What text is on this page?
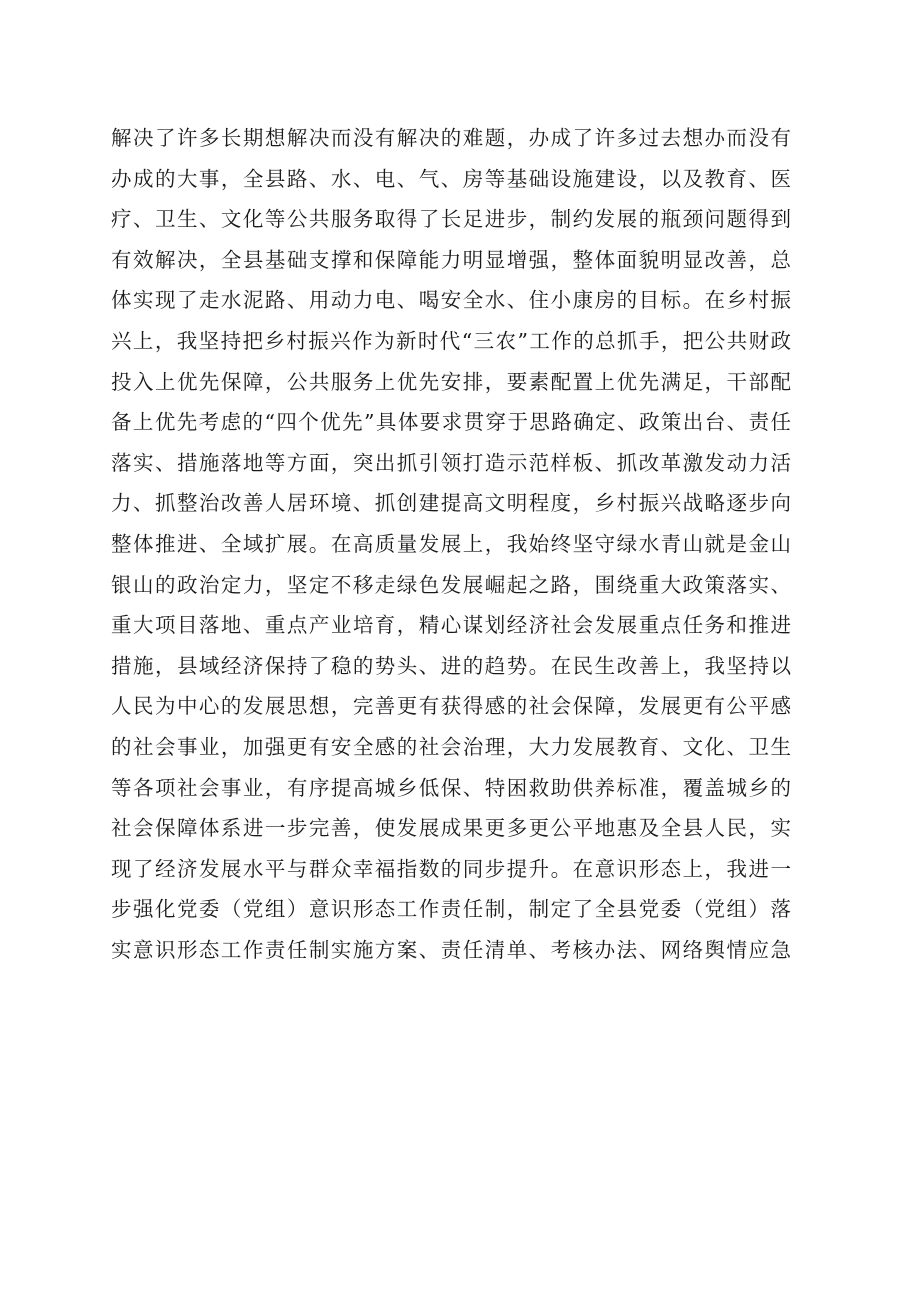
解决了许多长期想解决而没有解决的难题，办成了许多过去想办而没有
办成的大事，全县路、水、电、气、房等基础设施建设，以及教育、医
疗、卫生、文化等公共服务取得了长足进步，制约发展的瓶颈问题得到
有效解决，全县基础支撑和保障能力明显增强，整体面貌明显改善，总
体实现了走水泥路、用动力电、喝安全水、住小康房的目标。在乡村振
兴上，我坚持把乡村振兴作为新时代“三农”工作的总抓手，把公共财政
投入上优先保障，公共服务上优先安排，要素配置上优先满足，干部配
备上优先考虑的“四个优先”具体要求贯穿于思路确定、政策出台、责任
落实、措施落地等方面，突出抓引领打造示范样板、抓改革激发动力活
力、抓整治改善人居环境、抓创建提高文明程度，乡村振兴战略逐步向
整体推进、全域扩展。在高质量发展上，我始终坚守绿水青山就是金山
银山的政治定力，坚定不移走绿色发展崛起之路，围绕重大政策落实、
重大项目落地、重点产业培育，精心谋划经济社会发展重点任务和推进
措施，县域经济保持了稳的势头、进的趋势。在民生改善上，我坚持以
人民为中心的发展思想，完善更有获得感的社会保障，发展更有公平感
的社会事业，加强更有安全感的社会治理，大力发展教育、文化、卫生
等各项社会事业，有序提高城乡低保、特困救助供养标准，覆盖城乡的
社会保障体系进一步完善，使发展成果更多更公平地惠及全县人民，实
现了经济发展水平与群众幸福指数的同步提升。在意识形态上，我进一
步强化党委（党组）意识形态工作责任制，制定了全县党委（党组）落
实意识形态工作责任制实施方案、责任清单、考核办法、网络舆情应急
